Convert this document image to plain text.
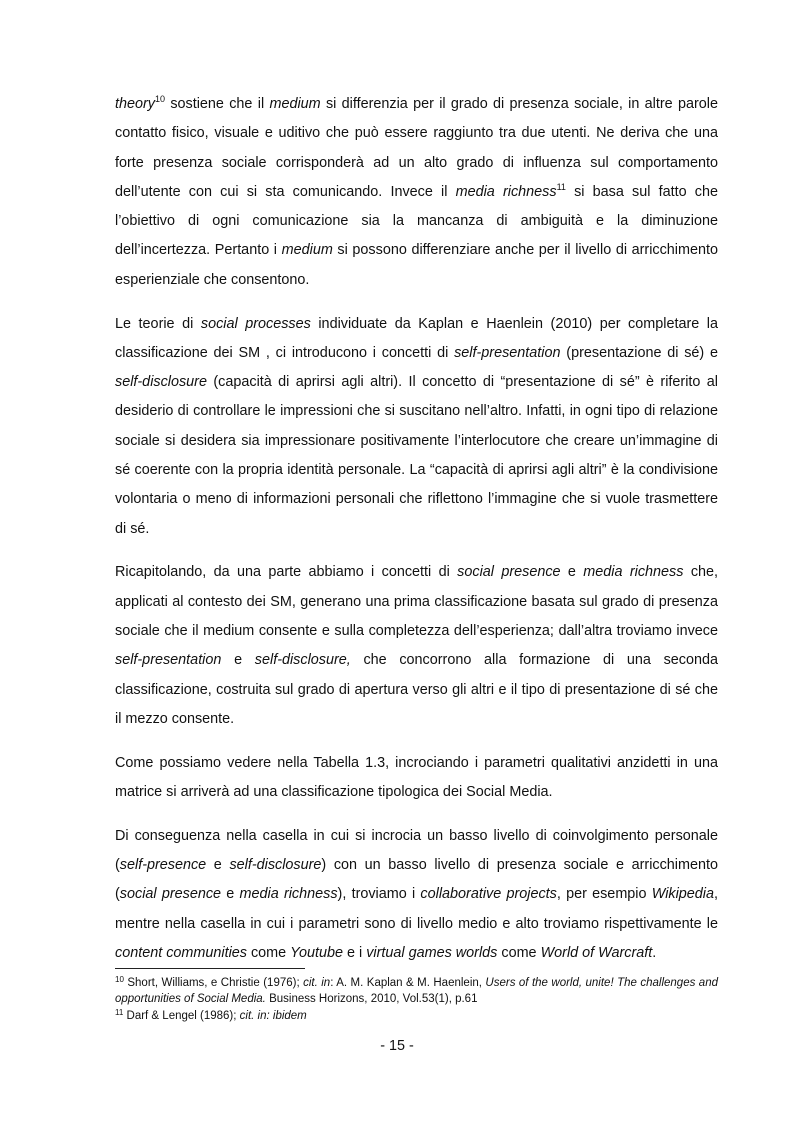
theory$^{10}$ sostiene che il medium si differenzia per il grado di presenza sociale, in altre parole contatto fisico, visuale e uditivo che può essere raggiunto tra due utenti. Ne deriva che una forte presenza sociale corrisponderà ad un alto grado di influenza sul comportamento dell’utente con cui si sta comunicando. Invece il media richness$^{11}$ si basa sul fatto che l’obiettivo di ogni comunicazione sia la mancanza di ambiguità e la diminuzione dell’incertezza. Pertanto i medium si possono differenziare anche per il livello di arricchimento esperienziale che consentono.

Le teorie di social processes individuate da Kaplan e Haenlein (2010) per completare la classificazione dei SM , ci introducono i concetti di self-presentation (presentazione di sé) e self-disclosure (capacità di aprirsi agli altri). Il concetto di “presentazione di sé” è riferito al desiderio di controllare le impressioni che si suscitano nell’altro. Infatti, in ogni tipo di relazione sociale si desidera sia impressionare positivamente l’interlocutore che creare un’immagine di sé coerente con la propria identità personale. La “capacità di aprirsi agli altri” è la condivisione volontaria o meno di informazioni personali che riflettono l’immagine che si vuole trasmettere di sé.

Ricapitolando, da una parte abbiamo i concetti di social presence e media richness che, applicati al contesto dei SM, generano una prima classificazione basata sul grado di presenza sociale che il medium consente e sulla completezza dell’esperienza; dall’altra troviamo invece self-presentation e self-disclosure, che concorrono alla formazione di una seconda classificazione, costruita sul grado di apertura verso gli altri e il tipo di presentazione di sé che il mezzo consente.

Come possiamo vedere nella Tabella 1.3, incrociando i parametri qualitativi anzidetti in una matrice si arriverà ad una classificazione tipologica dei Social Media.

Di conseguenza nella casella in cui si incrocia un basso livello di coinvolgimento personale (self-presence e self-disclosure) con un basso livello di presenza sociale e arricchimento (social presence e media richness), troviamo i collaborative projects, per esempio Wikipedia, mentre nella casella in cui i parametri sono di livello medio e alto troviamo rispettivamente le content communities come Youtube e i virtual games worlds come World of Warcraft.

$^{10}$ Short, Williams, e Christie (1976); cit. in: A. M. Kaplan & M. Haenlein, Users of the world, unite! The challenges and opportunities of Social Media. Business Horizons, 2010, Vol.53(1), p.61

$^{11}$ Darf & Lengel (1986); cit. in: ibidem

- 15 -
